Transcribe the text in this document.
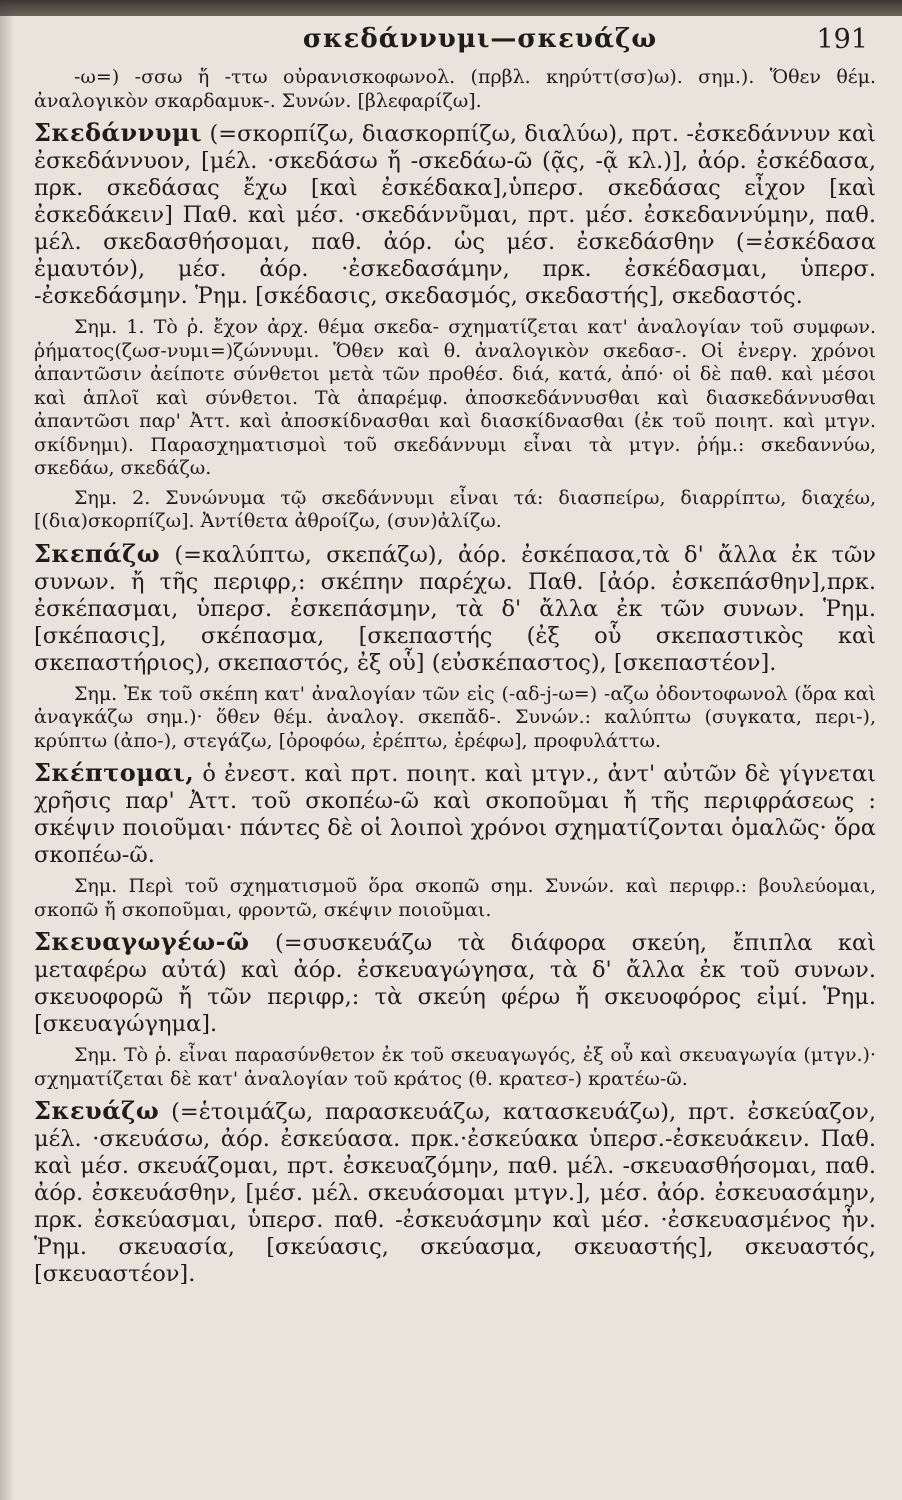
σκεδάννυμι—σκευάζω	191

-ω=) -σσω ἤ -ττω οὐρανισκοφωνολ. (πρβλ. κηρύττ(σσ)ω). σημ.). Ὅθεν θέμ. ἀναλογικὸν σκαρδαμυκ-. Συνών. [βλεφαρίζω].

Σκεδάννυμι (=σκορπίζω, διασκορπίζω, διαλύω), πρτ. -ἐσκεδάννυν καὶ ἐσκεδάννυον, [μέλ. ·σκεδάσω ἤ -σκεδάω-ῶ (ᾷς, -ᾷ κλ.)], ἀόρ. ἐσκέδασα, πρκ. σκεδάσας ἔχω [καὶ ἐσκέδακα],ὑπερσ. σκεδάσας εἶχον [καὶ ἐσκεδάκειν] Παθ. καὶ μέσ. ·σκεδάννῦμαι, πρτ. μέσ. ἐσκεδαννύμην, παθ. μέλ. σκεδασθήσομαι, παθ. ἀόρ. ὡς μέσ. ἐσκεδάσθην (=ἐσκέδασα ἐμαυτόν), μέσ. ἀόρ. ·ἐσκεδασάμην, πρκ. ἐσκέδασμαι, ὑπερσ. -ἐσκεδάσμην. Ῥημ. [σκέδασις, σκεδασμός, σκεδαστής], σκεδαστός.

Σημ. 1. Τὸ ῥ. ἔχον ἀρχ. θέμα σκεδα- σχηματίζεται κατ' ἀναλογίαν τοῦ συμφων. ῥήματος(ζωσ-νυμι=)ζώννυμι. Ὅθεν καὶ θ. ἀναλογικὸν σκεδασ-. Οἱ ἐνεργ. χρόνοι ἀπαντῶσιν ἀείποτε σύνθετοι μετὰ τῶν προθέσ. διά, κατά, ἀπό· οἱ δὲ παθ. καὶ μέσοι καὶ ἁπλοῖ καὶ σύνθετοι. Τὰ ἀπαρέμφ. ἀποσκεδάννυσθαι καὶ διασκεδάννυσθαι ἀπαντῶσι παρ' Ἀττ. καὶ ἀποσκίδνασθαι καὶ διασκίδνασθαι (ἐκ τοῦ ποιητ. καὶ μτγν. σκίδνημι). Παρασχηματισμοὶ τοῦ σκεδάννυμι εἶναι τὰ μτγν. ῥήμ.: σκεδαννύω, σκεδάω, σκεδάζω.

Σημ. 2. Συνώνυμα τῷ σκεδάννυμι εἶναι τά: διασπείρω, διαρρίπτω, διαχέω, [(δια)σκορπίζω]. Ἀντίθετα ἀθροίζω, (συν)ἀλίζω.

Σκεπάζω (=καλύπτω, σκεπάζω), ἀόρ. ἐσκέπασα,τὰ δ' ἄλλα ἐκ τῶν συνων. ἤ τῆς περιφρ,: σκέπην παρέχω. Παθ. [ἀόρ. ἐσκεπάσθην],πρκ. ἐσκέπασμαι, ὑπερσ. ἐσκεπάσμην, τὰ δ' ἄλλα ἐκ τῶν συνων. Ῥημ. [σκέπασις], σκέπασμα, [σκεπαστής (ἐξ οὗ σκεπαστικὸς καὶ σκεπαστήριος), σκεπαστός, ἐξ οὗ] (εὐσκέπαστος), [σκεπαστέον].

Σημ. Ἐκ τοῦ σκέπη κατ' ἀναλογίαν τῶν εἰς (-αδ-j-ω=) -αζω ὀδοντοφωνολ (ὅρα καὶ ἀναγκάζω σημ.)· ὅθεν θέμ. ἀναλογ. σκεπᾰδ-. Συνών.: καλύπτω (συγκατα, περι-), κρύπτω (ἀπο-), στεγάζω, [ὀροφόω, ἐρέπτω, ἐρέφω], προφυλάττω.

Σκέπτομαι, ὁ ἐνεστ. καὶ πρτ. ποιητ. καὶ μτγν., ἀντ' αὐτῶν δὲ γίγνεται χρῆσις παρ' Ἀττ. τοῦ σκοπέω-ῶ καὶ σκοποῦμαι ἤ τῆς περιφράσεως : σκέψιν ποιοῦμαι· πάντες δὲ οἱ λοιποὶ χρόνοι σχηματίζονται ὁμαλῶς· ὅρα σκοπέω-ῶ.

Σημ. Περὶ τοῦ σχηματισμοῦ ὅρα σκοπῶ σημ. Συνών. καὶ περιφρ.: βουλεύομαι, σκοπῶ ἤ σκοποῦμαι, φροντῶ, σκέψιν ποιοῦμαι.

Σκευαγωγέω-ῶ (=συσκευάζω τὰ διάφορα σκεύη, ἔπιπλα καὶ μεταφέρω αὐτά) καὶ ἀόρ. ἐσκευαγώγησα, τὰ δ' ἄλλα ἐκ τοῦ συνων. σκευοφορῶ ἤ τῶν περιφρ,: τὰ σκεύη φέρω ἤ σκευοφόρος εἰμί. Ῥημ. [σκευαγώγημα].

Σημ. Τὸ ῥ. εἶναι παρασύνθετον ἐκ τοῦ σκευαγωγός, ἐξ οὗ καὶ σκευαγωγία (μτγν.)· σχηματίζεται δὲ κατ' ἀναλογίαν τοῦ κράτος (θ. κρατεσ-) κρατέω-ῶ.

Σκευάζω (=ἑτοιμάζω, παρασκευάζω, κατασκευάζω), πρτ. ἐσκεύαζον, μέλ. ·σκευάσω, ἀόρ. ἐσκεύασα. πρκ.·ἐσκεύακα ὑπερσ.-ἐσκευάκειν. Παθ. καὶ μέσ. σκευάζομαι, πρτ. ἐσκευαζόμην, παθ. μέλ. -σκευασθήσομαι, παθ. ἀόρ. ἐσκευάσθην, [μέσ. μέλ. σκευάσομαι μτγν.], μέσ. ἀόρ. ἐσκευασάμην, πρκ. ἐσκεύασμαι, ὑπερσ. παθ. -ἐσκευάσμην καὶ μέσ. ·ἐσκευασμένος ἦν. Ῥημ. σκευασία, [σκεύασις, σκεύασμα, σκευαστής], σκευαστός, [σκευαστέον].
